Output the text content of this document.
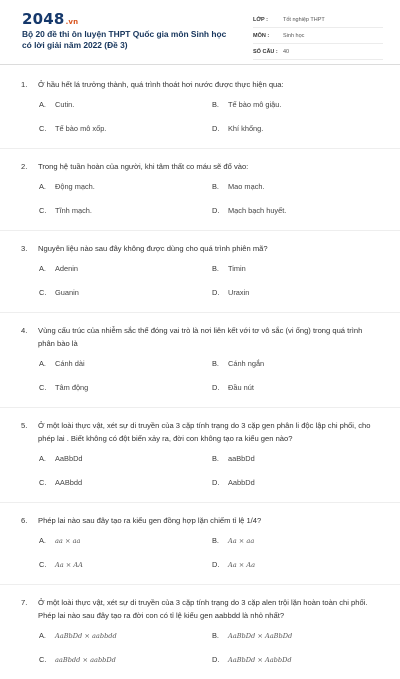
2048.vn
Bộ 20 đề thi ôn luyện THPT Quốc gia môn Sinh học có lời giải năm 2022 (Đề 3)
LỚP :	Tốt nghiệp THPT
MÔN :	Sinh học
SỐ CÂU : 40
1. Ở hầu hết lá trưởng thành, quá trình thoát hơi nước được thực hiện qua:
A.	Cutin.	B.	Tế bào mô giậu.
C.	Tế bào mô xốp.	D.	Khí khổng.
2. Trong hệ tuần hoàn của người, khi tâm thất co máu sẽ đổ vào:
A.	Động mạch.	B.	Mao mạch.
C.	Tĩnh mạch.	D.	Mạch bạch huyết.
3. Nguyên liệu nào sau đây không được dùng cho quá trình phiên mã?
A.	Adenin	B.	Timin
C.	Guanin	D.	Uraxin
4. Vùng cấu trúc của nhiễm sắc thể đóng vai trò là nơi liên kết với tơ vô sắc (vi ống) trong quá trình phân bào là
A.	Cánh dài	B.	Cánh ngắn
C.	Tâm động	D.	Đầu nút
5. Ở một loài thực vật, xét sự di truyền của 3 cặp tính trạng do 3 cặp gen phân li độc lập chi phối, cho phép lai . Biết không có đột biến xảy ra, đời con không tạo ra kiểu gen nào?
A.	AaBbDd	B.	aaBbDd
C.	AABbdd	D.	AabbDd
6. Phép lai nào sau đây tạo ra kiểu gen đồng hợp lặn chiếm tỉ lệ 1/4?
A.	aa × aa	B.	Aa × aa
C.	Aa × AA	D.	Aa × Aa
7. Ở một loài thực vật, xét sự di truyền của 3 cặp tính trạng do 3 cặp alen trội lặn hoàn toàn chi phối. Phép lai nào sau đây tạo ra đời con có tỉ lệ kiểu gen aabbdd là nhỏ nhất?
A.	AaBbDd × aabbdd	B.	AaBbDd × AaBbDd
C.	aaBbdd × aabbDd	D.	AaBbDd × AabbDd
